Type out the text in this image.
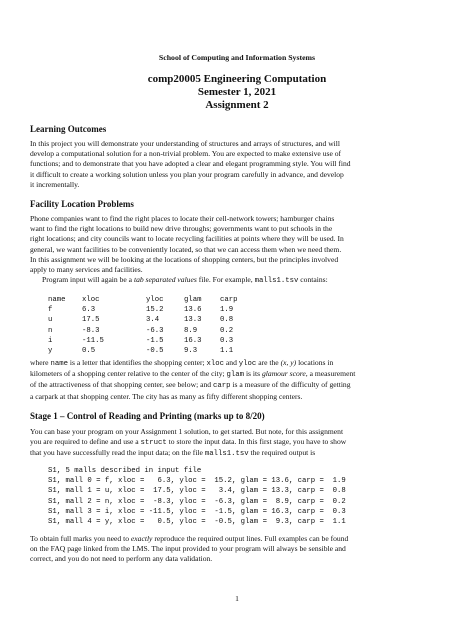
School of Computing and Information Systems
comp20005 Engineering Computation
Semester 1, 2021
Assignment 2
Learning Outcomes
In this project you will demonstrate your understanding of structures and arrays of structures, and will
develop a computational solution for a non-trivial problem. You are expected to make extensive use of
functions; and to demonstrate that you have adopted a clear and elegant programming style. You will find
it difficult to create a working solution unless you plan your program carefully in advance, and develop
it incrementally.
Facility Location Problems
Phone companies want to find the right places to locate their cell-network towers; hamburger chains
want to find the right locations to build new drive throughs; governments want to put schools in the
right locations; and city councils want to locate recycling facilities at points where they will be used. In
general, we want facilities to be conveniently located, so that we can access them when we need them.
In this assignment we will be looking at the locations of shopping centers, but the principles involved
apply to many services and facilities.
Program input will again be a tab separated values file. For example, malls1.tsv contains:
name xloc	yloc	glam	carp
f	6.3	15.2	13.6	1.9
u	17.5	3.4	13.3	0.8
n	-8.3	-6.3	8.9	0.2
i	-11.5	-1.5	16.3	0.3
y	0.5	-0.5	9.3	1.1
where name is a letter that identifies the shopping center; xloc and yloc are the (x, y) locations in
kilometers of a shopping center relative to the center of the city; glam is its glamour score, a measurement
of the attractiveness of that shopping center, see below; and carp is a measure of the difficulty of getting
a carpark at that shopping center. The city has as many as fifty different shopping centers.
Stage 1 – Control of Reading and Printing (marks up to 8/20)
You can base your program on your Assignment 1 solution, to get started. But note, for this assignment
you are required to define and use a struct to store the input data. In this first stage, you have to show
that you have successfully read the input data; on the file malls1.tsv the required output is
S1, 5 malls described in input file
S1, mall 0 = f, xloc =   6.3, yloc =  15.2, glam = 13.6, carp =  1.9
S1, mall 1 = u, xloc =  17.5, yloc =   3.4, glam = 13.3, carp =  0.8
S1, mall 2 = n, xloc =  -8.3, yloc =  -6.3, glam =  8.9, carp =  0.2
S1, mall 3 = i, xloc = -11.5, yloc =  -1.5, glam = 16.3, carp =  0.3
S1, mall 4 = y, xloc =   0.5, yloc =  -0.5, glam =  9.3, carp =  1.1
To obtain full marks you need to exactly reproduce the required output lines. Full examples can be found
on the FAQ page linked from the LMS. The input provided to your program will always be sensible and
correct, and you do not need to perform any data validation.
1
